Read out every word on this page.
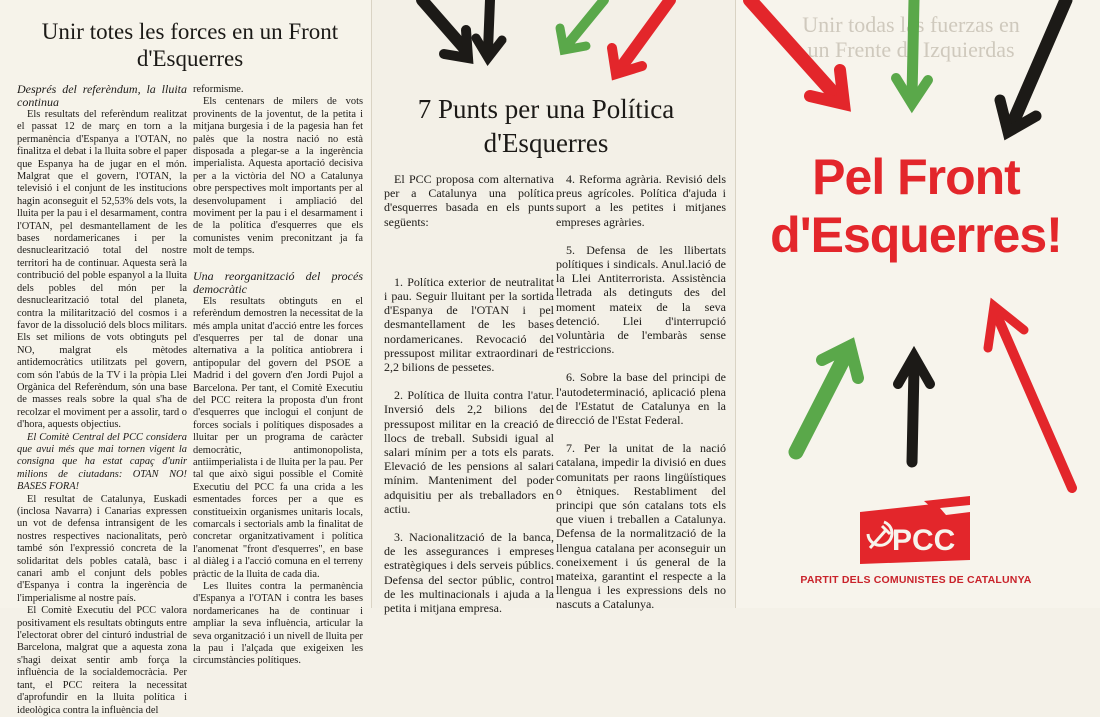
Unir totes les forces en un Front d'Esquerres

Després del referèndum, la lluita continua

Els resultats del referèndum realitzat el passat 12 de març en torn a la permanència d'Espanya a l'OTAN, no finalitza el debat i la lluita sobre el paper que Espanya ha de jugar en el món. Malgrat que el govern, l'OTAN, la televisió i el conjunt de les institucions hagin aconseguit el 52,53% dels vots, la lluita per la pau i el desarmament, contra l'OTAN, pel desmantellament de les bases nordamericanes i per la desnuclearització total del nostre territori ha de continuar. Aquesta serà la contribució del poble espanyol a la lluita dels pobles del món per la desnuclearització total del planeta, contra la militarització del cosmos i a favor de la dissolució dels blocs militars. Els set milions de vots obtinguts pel NO, malgrat els mètodes antidemocràtics utilitzats pel govern, com són l'abús de la TV i la pròpia Llei Orgànica del Referèndum, són una base de masses reals sobre la qual s'ha de recolzar el moviment per a assolir, tard o d'hora, aquests objectius.

El Comitè Central del PCC considera que avui més que mai tornen vigent la consigna que ha estat capaç d'unir milions de ciutadans: OTAN NO! BASES FORA!

El resultat de Catalunya, Euskadi (inclosa Navarra) i Canarias expressen un vot de defensa intransigent de les nostres respectives nacionalitats, però també són l'expressió concreta de la solidaritat dels pobles català, basc i canari amb el conjunt dels pobles d'Espanya i contra la ingerència de l'imperialisme al nostre país.

El Comitè Executiu del PCC valora positivament els resultats obtinguts entre l'electorat obrer del cinturó industrial de Barcelona, malgrat que a aquesta zona s'hagi deixat sentir amb força la influència de la socialdemocràcia. Per tant, el PCC reitera la necessitat d'aprofundir en la lluita política i ideològica contra la influència del

reformisme.

Els centenars de milers de vots provinents de la joventut, de la petita i mitjana burgesia i de la pagesia han fet palès que la nostra nació no està disposada a plegar-se a la ingerència imperialista. Aquesta aportació decisiva per a la victòria del NO a Catalunya obre perspectives molt importants per al desenvolupament i ampliació del moviment per la pau i el desarmament i de la política d'esquerres que els comunistes venim preconitzant ja fa molt de temps.

Una reorganització del procés democràtic

Els resultats obtinguts en el referèndum demostren la necessitat de la més ampla unitat d'acció entre les forces d'esquerres per tal de donar una alternativa a la política antiobrera i antipopular del govern del PSOE a Madrid i del govern d'en Jordi Pujol a Barcelona. Per tant, el Comitè Executiu del PCC reitera la proposta d'un front d'esquerres que inclogui el conjunt de forces socials i polítiques disposades a lluitar per un programa de caràcter democràtic, antimonopolista, antiimperialista i de lluita per la pau. Per tal que això sigui possible el Comitè Executiu del PCC fa una crida a les esmentades forces per a que es constitueixin organismes unitaris locals, comarcals i sectorials amb la finalitat de concretar organitzativament i política l'anomenat "front d'esquerres", en base al diàleg i a l'acció comuna en el terreny pràctic de la lluita de cada dia.

Les lluites contra la permanència d'Espanya a l'OTAN i contra les bases nordamericanes ha de continuar i ampliar la seva influència, articular la seva organització i un nivell de lluita per la pau i l'alçada que exigeixen les circumstàncies polítiques.

7 Punts per una Política d'Esquerres

El PCC proposa com alternativa per a Catalunya una política d'esquerres basada en els punts següents:

1. Política exterior de neutralitat i pau. Seguir lluitant per la sortida d'Espanya de l'OTAN i pel desmantellament de les bases nordamericanes. Revocació del pressupost militar extraordinari de 2,2 bilions de pessetes.

2. Política de lluita contra l'atur. Inversió dels 2,2 bilions del pressupost militar en la creació de llocs de treball. Subsidi igual al salari mínim per a tots els parats. Elevació de les pensions al salari mínim. Manteniment del poder adquisitiu per als treballadors en actiu.

3. Nacionalització de la banca, de les assegurances i empreses estratègiques i dels serveis públics. Defensa del sector públic, control de les multinacionals i ajuda a la petita i mitjana empresa.

4. Reforma agrària. Revisió dels preus agrícoles. Política d'ajuda i suport a les petites i mitjanes empreses agràries.

5. Defensa de les llibertats polítiques i sindicals. Anul.lació de la Llei Antiterrorista. Assistència lletrada als detinguts des del moment mateix de la seva detenció. Llei d'interrupció voluntària de l'embaràs sense restriccions.

6. Sobre la base del principi de l'autodeterminació, aplicació plena de l'Estatut de Catalunya en la direcció de l'Estat Federal.

7. Per la unitat de la nació catalana, impedir la divisió en dues comunitats per raons lingüístiques o ètniques. Restabliment del principi que són catalans tots els que viuen i treballen a Catalunya. Defensa de la normalització de la llengua catalana per aconseguir un coneixement i ús general de la mateixa, garantint el respecte a la llengua i les expressions dels no nascuts a Catalunya.

Unir todas las fuerzas en un Frente de Izquierdas
Pel Front
d'Esquerres!
PCC
PARTIT DELS COMUNISTES DE CATALUNYA
